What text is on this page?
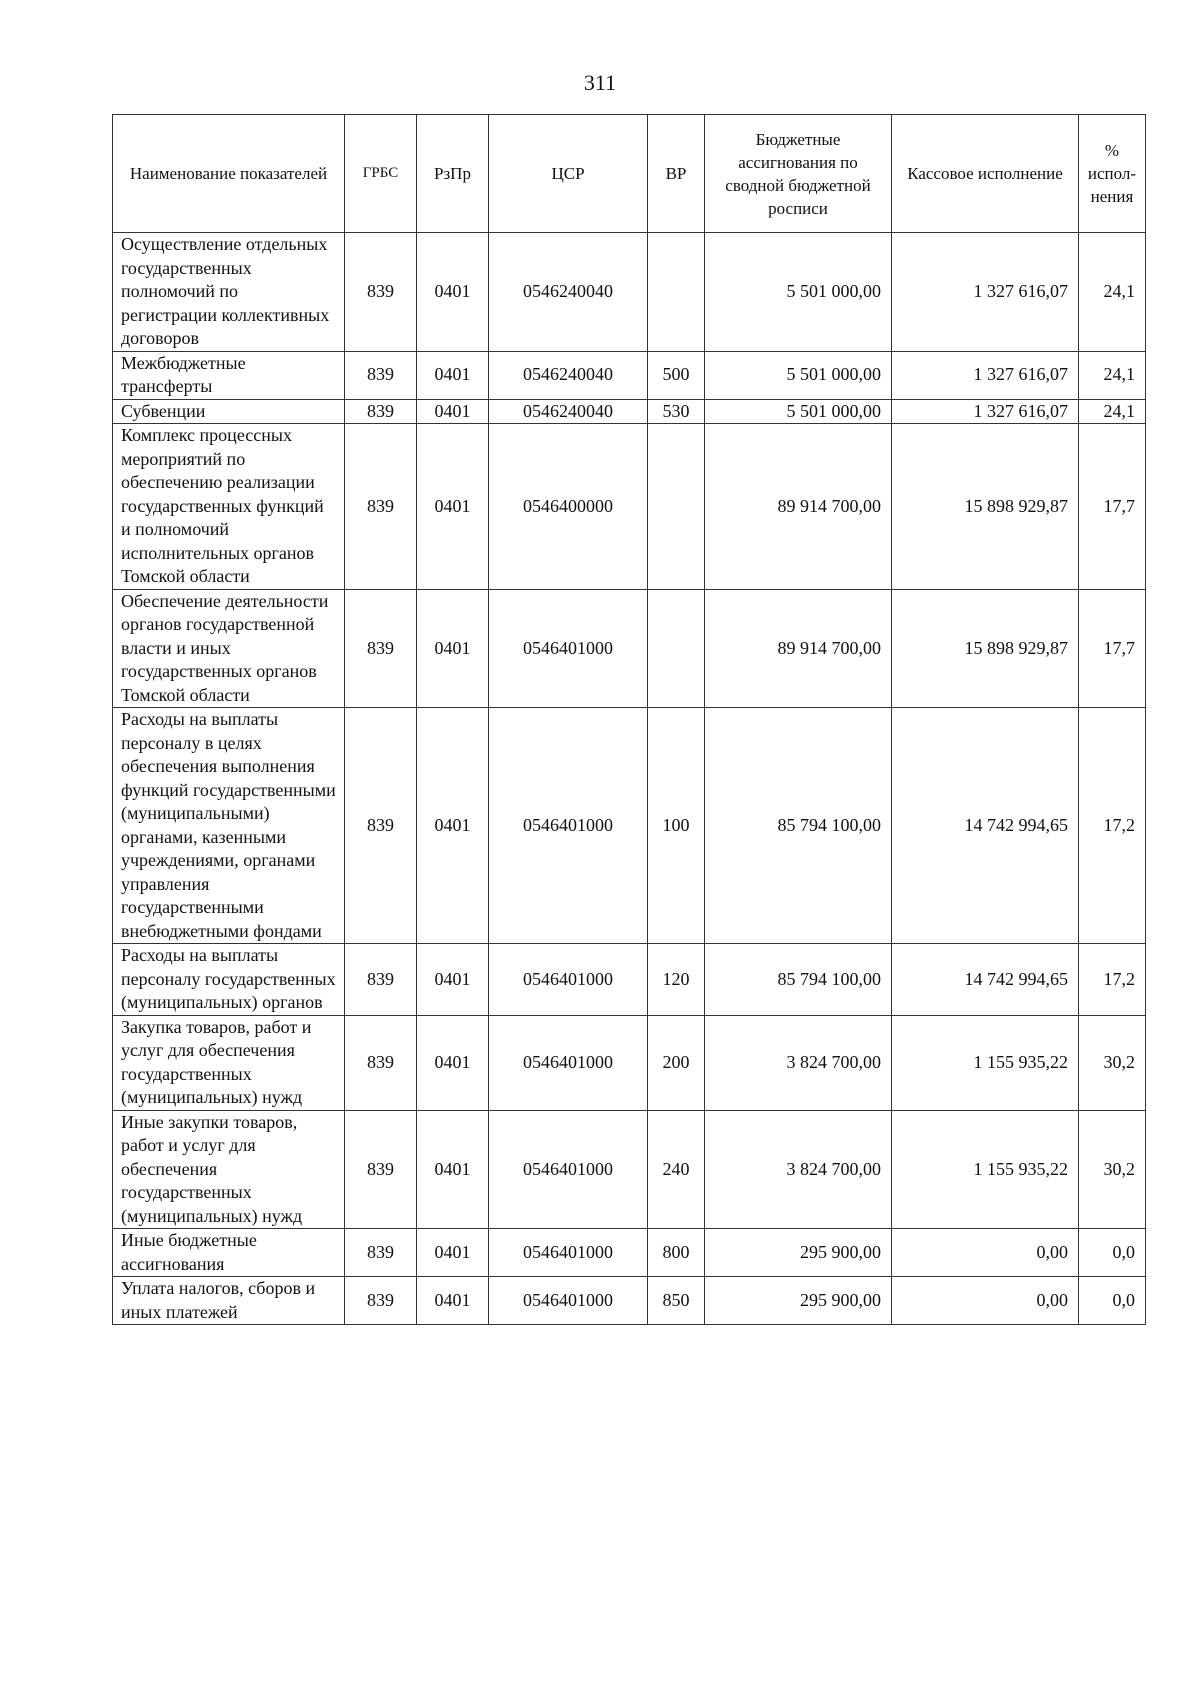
311
Наименование показателей	ГРБС	РзПр	ЦСР	ВР	Бюджетные ассигнования по сводной бюджетной росписи	Кассовое исполнение	% испол-нения
Осуществление отдельных государственных полномочий по регистрации коллективных договоров	839	0401	0546240040		5 501 000,00	1 327 616,07	24,1
Межбюджетные трансферты	839	0401	0546240040	500	5 501 000,00	1 327 616,07	24,1
Субвенции	839	0401	0546240040	530	5 501 000,00	1 327 616,07	24,1
Комплекс процессных мероприятий по обеспечению реализации государственных функций и полномочий исполнительных органов Томской области	839	0401	0546400000		89 914 700,00	15 898 929,87	17,7
Обеспечение деятельности органов государственной власти и иных государственных органов Томской области	839	0401	0546401000		89 914 700,00	15 898 929,87	17,7
Расходы на выплаты персоналу в целях обеспечения выполнения функций государственными (муниципальными) органами, казенными учреждениями, органами управления государственными внебюджетными фондами	839	0401	0546401000	100	85 794 100,00	14 742 994,65	17,2
Расходы на выплаты персоналу государственных (муниципальных) органов	839	0401	0546401000	120	85 794 100,00	14 742 994,65	17,2
Закупка товаров, работ и услуг для обеспечения государственных (муниципальных) нужд	839	0401	0546401000	200	3 824 700,00	1 155 935,22	30,2
Иные закупки товаров, работ и услуг для обеспечения государственных (муниципальных) нужд	839	0401	0546401000	240	3 824 700,00	1 155 935,22	30,2
Иные бюджетные ассигнования	839	0401	0546401000	800	295 900,00	0,00	0,0
Уплата налогов, сборов и иных платежей	839	0401	0546401000	850	295 900,00	0,00	0,0
